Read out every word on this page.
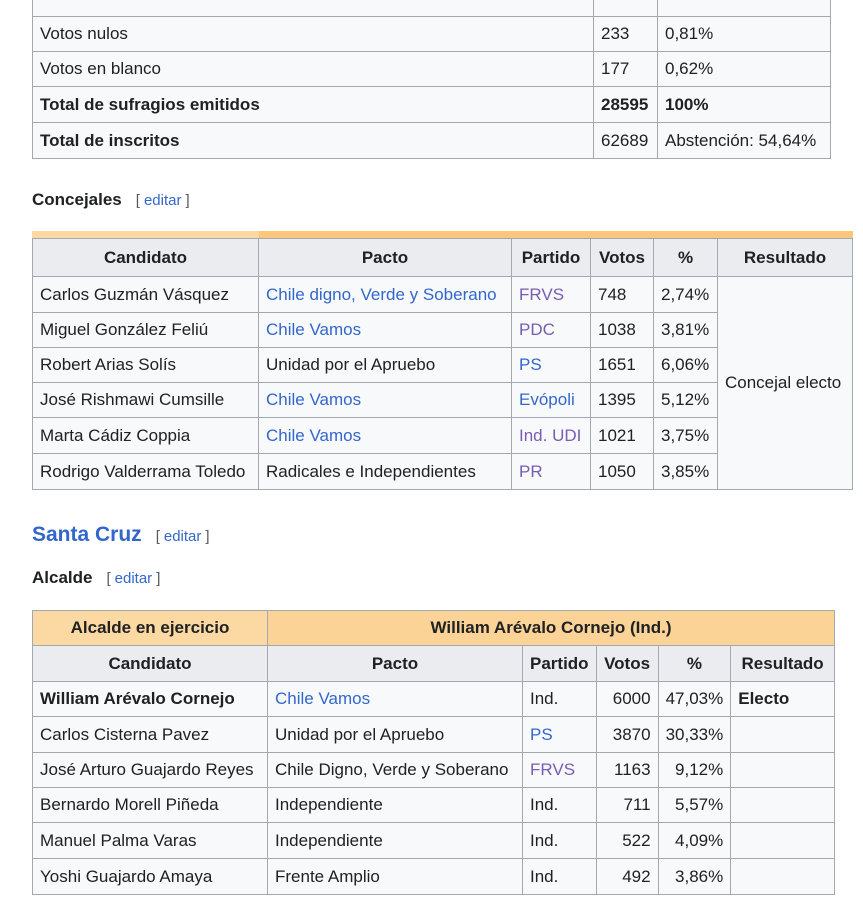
Votos nulos	233	0,81%
Votos en blanco	177	0,62%
Total de sufragios emitidos	28595	100%
Total de inscritos	62689	Abstención: 54,64%
Concejales [ editar ]
Candidato	Pacto	Partido	Votos	%	Resultado
Carlos Guzmán Vásquez	Chile digno, Verde y Soberano	FRVS	748	2,74%	Concejal electo
Miguel González Feliú	Chile Vamos	PDC	1038	3,81%	
Robert Arias Solís	Unidad por el Apruebo	PS	1651	6,06%	
José Rishmawi Cumsille	Chile Vamos	Evópoli	1395	5,12%	
Marta Cádiz Coppia	Chile Vamos	Ind. UDI	1021	3,75%	
Rodrigo Valderrama Toledo	Radicales e Independientes	PR	1050	3,85%	
Santa Cruz [ editar ]
Alcalde [ editar ]
Alcalde en ejercicio	William Arévalo Cornejo (Ind.)				
Candidato	Pacto	Partido	Votos	%	Resultado
William Arévalo Cornejo	Chile Vamos	Ind.	6000	47,03%	Electo
Carlos Cisterna Pavez	Unidad por el Apruebo	PS	3870	30,33%	
José Arturo Guajardo Reyes	Chile Digno, Verde y Soberano	FRVS	1163	9,12%	
Bernardo Morell Piñeda	Independiente	Ind.	711	5,57%	
Manuel Palma Varas	Independiente	Ind.	522	4,09%	
Yoshi Guajardo Amaya	Frente Amplio	Ind.	492	3,86%	
